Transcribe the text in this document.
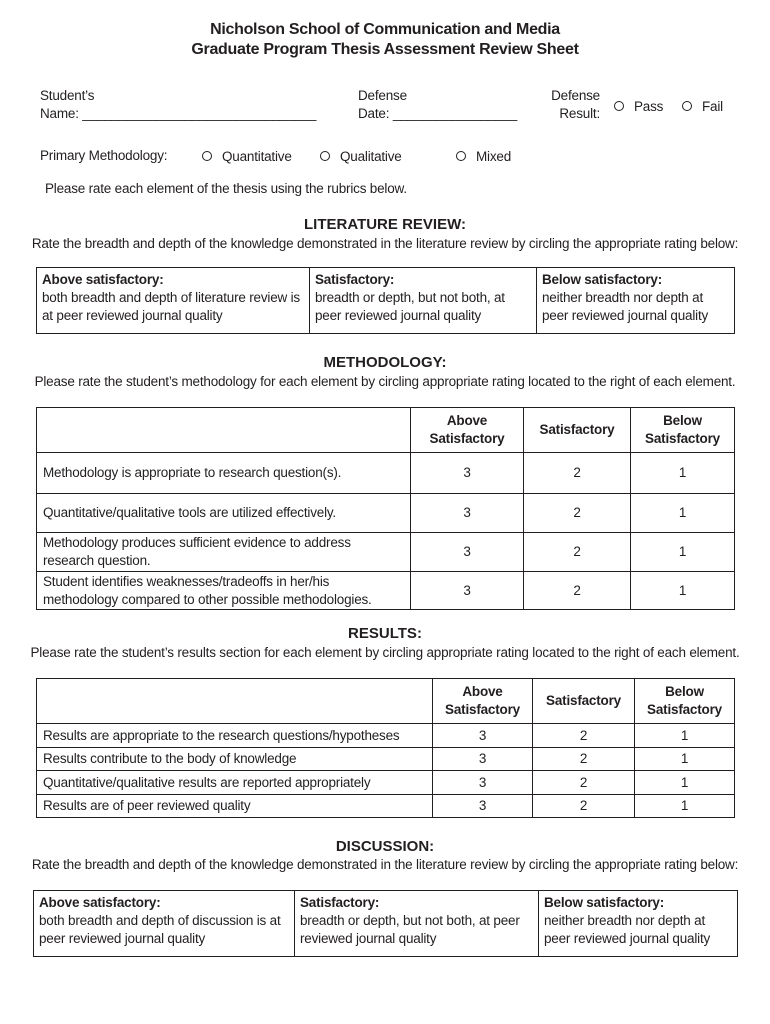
Nicholson School of Communication and Media
Graduate Program Thesis Assessment Review Sheet
Student’s
Name: ________________________________
Defense
Date: _________________
Defense
Result:	Pass	Fail
Primary Methodology:	Quantitative	Qualitative	Mixed
Please rate each element of the thesis using the rubrics below.
LITERATURE REVIEW:
Rate the breadth and depth of the knowledge demonstrated in the literature review by circling the appropriate rating below:
Above satisfactory:
both breadth and depth of literature review is at peer reviewed journal quality	
Satisfactory:
breadth or depth, but not both, at peer reviewed journal quality	
Below satisfactory:
neither breadth nor depth at peer reviewed journal quality
METHODOLOGY:
Please rate the student’s methodology for each element by circling appropriate rating located to the right of each element.
	Above Satisfactory	Satisfactory	Below Satisfactory
Methodology is appropriate to research question(s).	3	2	1
Quantitative/qualitative tools are utilized effectively.	3	2	1
Methodology produces sufficient evidence to address research question.	3	2	1
Student identifies weaknesses/tradeoffs in her/his methodology compared to other possible methodologies.	3	2	1
RESULTS:
Please rate the student’s results section for each element by circling appropriate rating located to the right of each element.
	Above Satisfactory	Satisfactory	Below Satisfactory
Results are appropriate to the research questions/hypotheses	3	2	1
Results contribute to the body of knowledge	3	2	1
Quantitative/qualitative results are reported appropriately	3	2	1
Results are of peer reviewed quality	3	2	1
DISCUSSION:
Rate the breadth and depth of the knowledge demonstrated in the literature review by circling the appropriate rating below:
Above satisfactory:
both breadth and depth of discussion is at peer reviewed journal quality	
Satisfactory:
breadth or depth, but not both, at peer reviewed journal quality	
Below satisfactory:
neither breadth nor depth at peer reviewed journal quality
